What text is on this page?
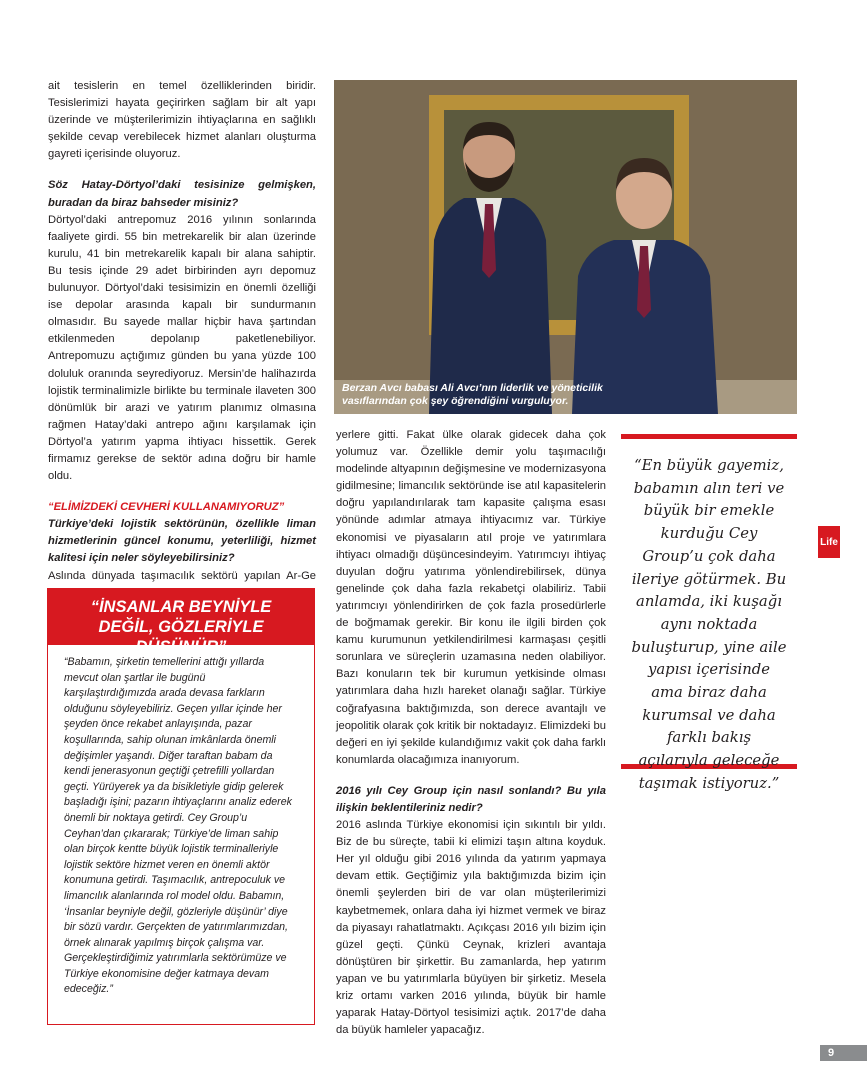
ait tesislerin en temel özelliklerinden biridir. Tesislerimizi hayata geçirirken sağlam bir alt yapı üzerinde ve müşterilerimizin ihtiyaçlarına en sağlıklı şekilde cevap verebilecek hizmet alanları oluşturma gayreti içerisinde oluyoruz.

Söz Hatay-Dörtyol’daki tesisinize gelmişken, buradan da biraz bahseder misiniz?

Dörtyol’daki antrepomuz 2016 yılının sonlarında faaliyete girdi. 55 bin metrekarelik bir alan üzerinde kurulu, 41 bin metrekarelik kapalı bir alana sahiptir. Bu tesis içinde 29 adet birbirinden ayrı depomuz bulunuyor. Dörtyol’daki tesisimizin en önemli özelliği ise depolar arasında kapalı bir sundurmanın olmasıdır. Bu sayede mallar hiçbir hava şartından etkilenmeden depolanıp paketlenebiliyor. Antrepomuzu açtığımız günden bu yana yüzde 100 doluluk oranında seyrediyoruz. Mersin’de halihazırda lojistik terminalimizle birlikte bu terminale ilaveten 300 dönümlük bir arazi ve yatırım planımız olmasına rağmen Hatay’daki antrepo ağını karşılamak için Dörtyol’a yatırım yapma ihtiyacı hissettik. Gerek firmamız gerekse de sektör adına doğru bir hamle oldu.

“ELİMİZDEKİ CEVHERİ KULLANAMIYORUZ”

Türkiye’deki lojistik sektörünün, özellikle liman hizmetlerinin güncel konumu, yeterliliği, hizmet kalitesi için neler söyleyebilirsiniz?

Aslında dünyada taşımacılık sektörü yapılan Ar-Ge

Berzan Avcı babası Ali Avcı’nın liderlik ve yöneticilik vasıflarından çok şey öğrendiğini vurguluyor.

yerlere gitti. Fakat ülke olarak gidecek daha çok yolumuz var. Özellikle demir yolu taşımacılığı modelinde altyapının değişmesine ve modernizasyona gidilmesine; limancılık sektöründe ise atıl kapasitelerin doğru yapılandırılarak tam kapasite çalışma esası yönünde adımlar atmaya ihtiyacımız var. Türkiye ekonomisi ve piyasaların atıl proje ve yatırımlara ihtiyacı olmadığı düşüncesindeyim. Yatırımcıyı ihtiyaç duyulan doğru yatırıma yönlendirebilirsek, dünya genelinde çok daha fazla rekabetçi olabiliriz. Tabii yatırımcıyı yönlendirirken de çok fazla prosedürlerle de boğmamak gerekir. Bir konu ile ilgili birden çok kamu kurumunun yetkilendirilmesi karmaşası çeşitli sorunlara ve süreçlerin uzamasına neden olabiliyor. Bazı konuların tek bir kurumun yetkisinde olması yatırımlara daha hızlı hareket olanağı sağlar. Türkiye coğrafyasına baktığımızda, son derece avantajlı ve jeopolitik olarak çok kritik bir noktadayız. Elimizdeki bu değeri en iyi şekilde kulandığımız vakit çok daha farklı konumlarda olacağımıza inanıyorum.

2016 yılı Cey Group için nasıl sonlandı? Bu yıla ilişkin beklentileriniz nedir?

2016 aslında Türkiye ekonomisi için sıkıntılı bir yıldı. Biz de bu süreçte, tabii ki elimizi taşın altına koyduk. Her yıl olduğu gibi 2016 yılında da yatırım yapmaya devam ettik. Geçtiğimiz yıla baktığımızda bizim için önemli şeylerden biri de var olan müşterilerimizi kaybetmemek, onlara daha iyi hizmet vermek ve biraz da piyasayı rahatlatmaktı. Açıkçası 2016 yılı bizim için güzel geçti. Çünkü Ceynak, krizleri avantaja dönüştüren bir şirkettir. Bu zamanlarda, hep yatırım yapan ve bu yatırımlarla büyüyen bir şirketiz. Mesela kriz ortamı varken 2016 yılında, büyük bir hamle yaparak Hatay-Dörtyol tesisimizi açtık. 2017’de daha da büyük hamleler yapacağız.

“İNSANLAR BEYNİYLE DEĞİL, GÖZLERİYLE DÜŞÜNÜR”
“Babamın, şirketin temellerini attığı yıllarda mevcut olan şartlar ile bugünü karşılaştırdığımızda arada devasa farkların olduğunu söyleyebiliriz. Geçen yıllar içinde her şeyden önce rekabet anlayışında, pazar koşullarında, sahip olunan imkânlarda önemli değişimler yaşandı. Diğer taraftan babam da kendi jenerasyonun geçtiği çetrefilli yollardan geçti. Yürüyerek ya da bisikletiyle gidip gelerek başladığı işini; pazarın ihtiyaçlarını analiz ederek önemli bir noktaya getirdi. Cey Group’u Ceyhan’dan çıkararak; Türkiye’de liman sahip olan birçok kentte büyük lojistik terminalleriyle lojistik sektöre hizmet veren en önemli aktör konumuna getirdi. Taşımacılık, antrepoculuk ve limancılık alanlarında rol model oldu. Babamın, ‘İnsanlar beyniyle değil, gözleriyle düşünür’ diye bir sözü vardır. Gerçekten de yatırımlarımızdan, örnek alınarak yapılmış birçok çalışma var. Gerçekleştirdiğimiz yatırımlarla sektörümüze ve Türkiye ekonomisine değer katmaya devam edeceğiz.”
“En büyük gayemiz, babamın alın teri ve büyük bir emekle kurduğu Cey Group’u çok daha ileriye götürmek. Bu anlamda, iki kuşağı aynı noktada buluşturup, yine aile yapısı içerisinde ama biraz daha kurumsal ve daha farklı bakış açılarıyla geleceğe taşımak istiyoruz.”
Life
9
